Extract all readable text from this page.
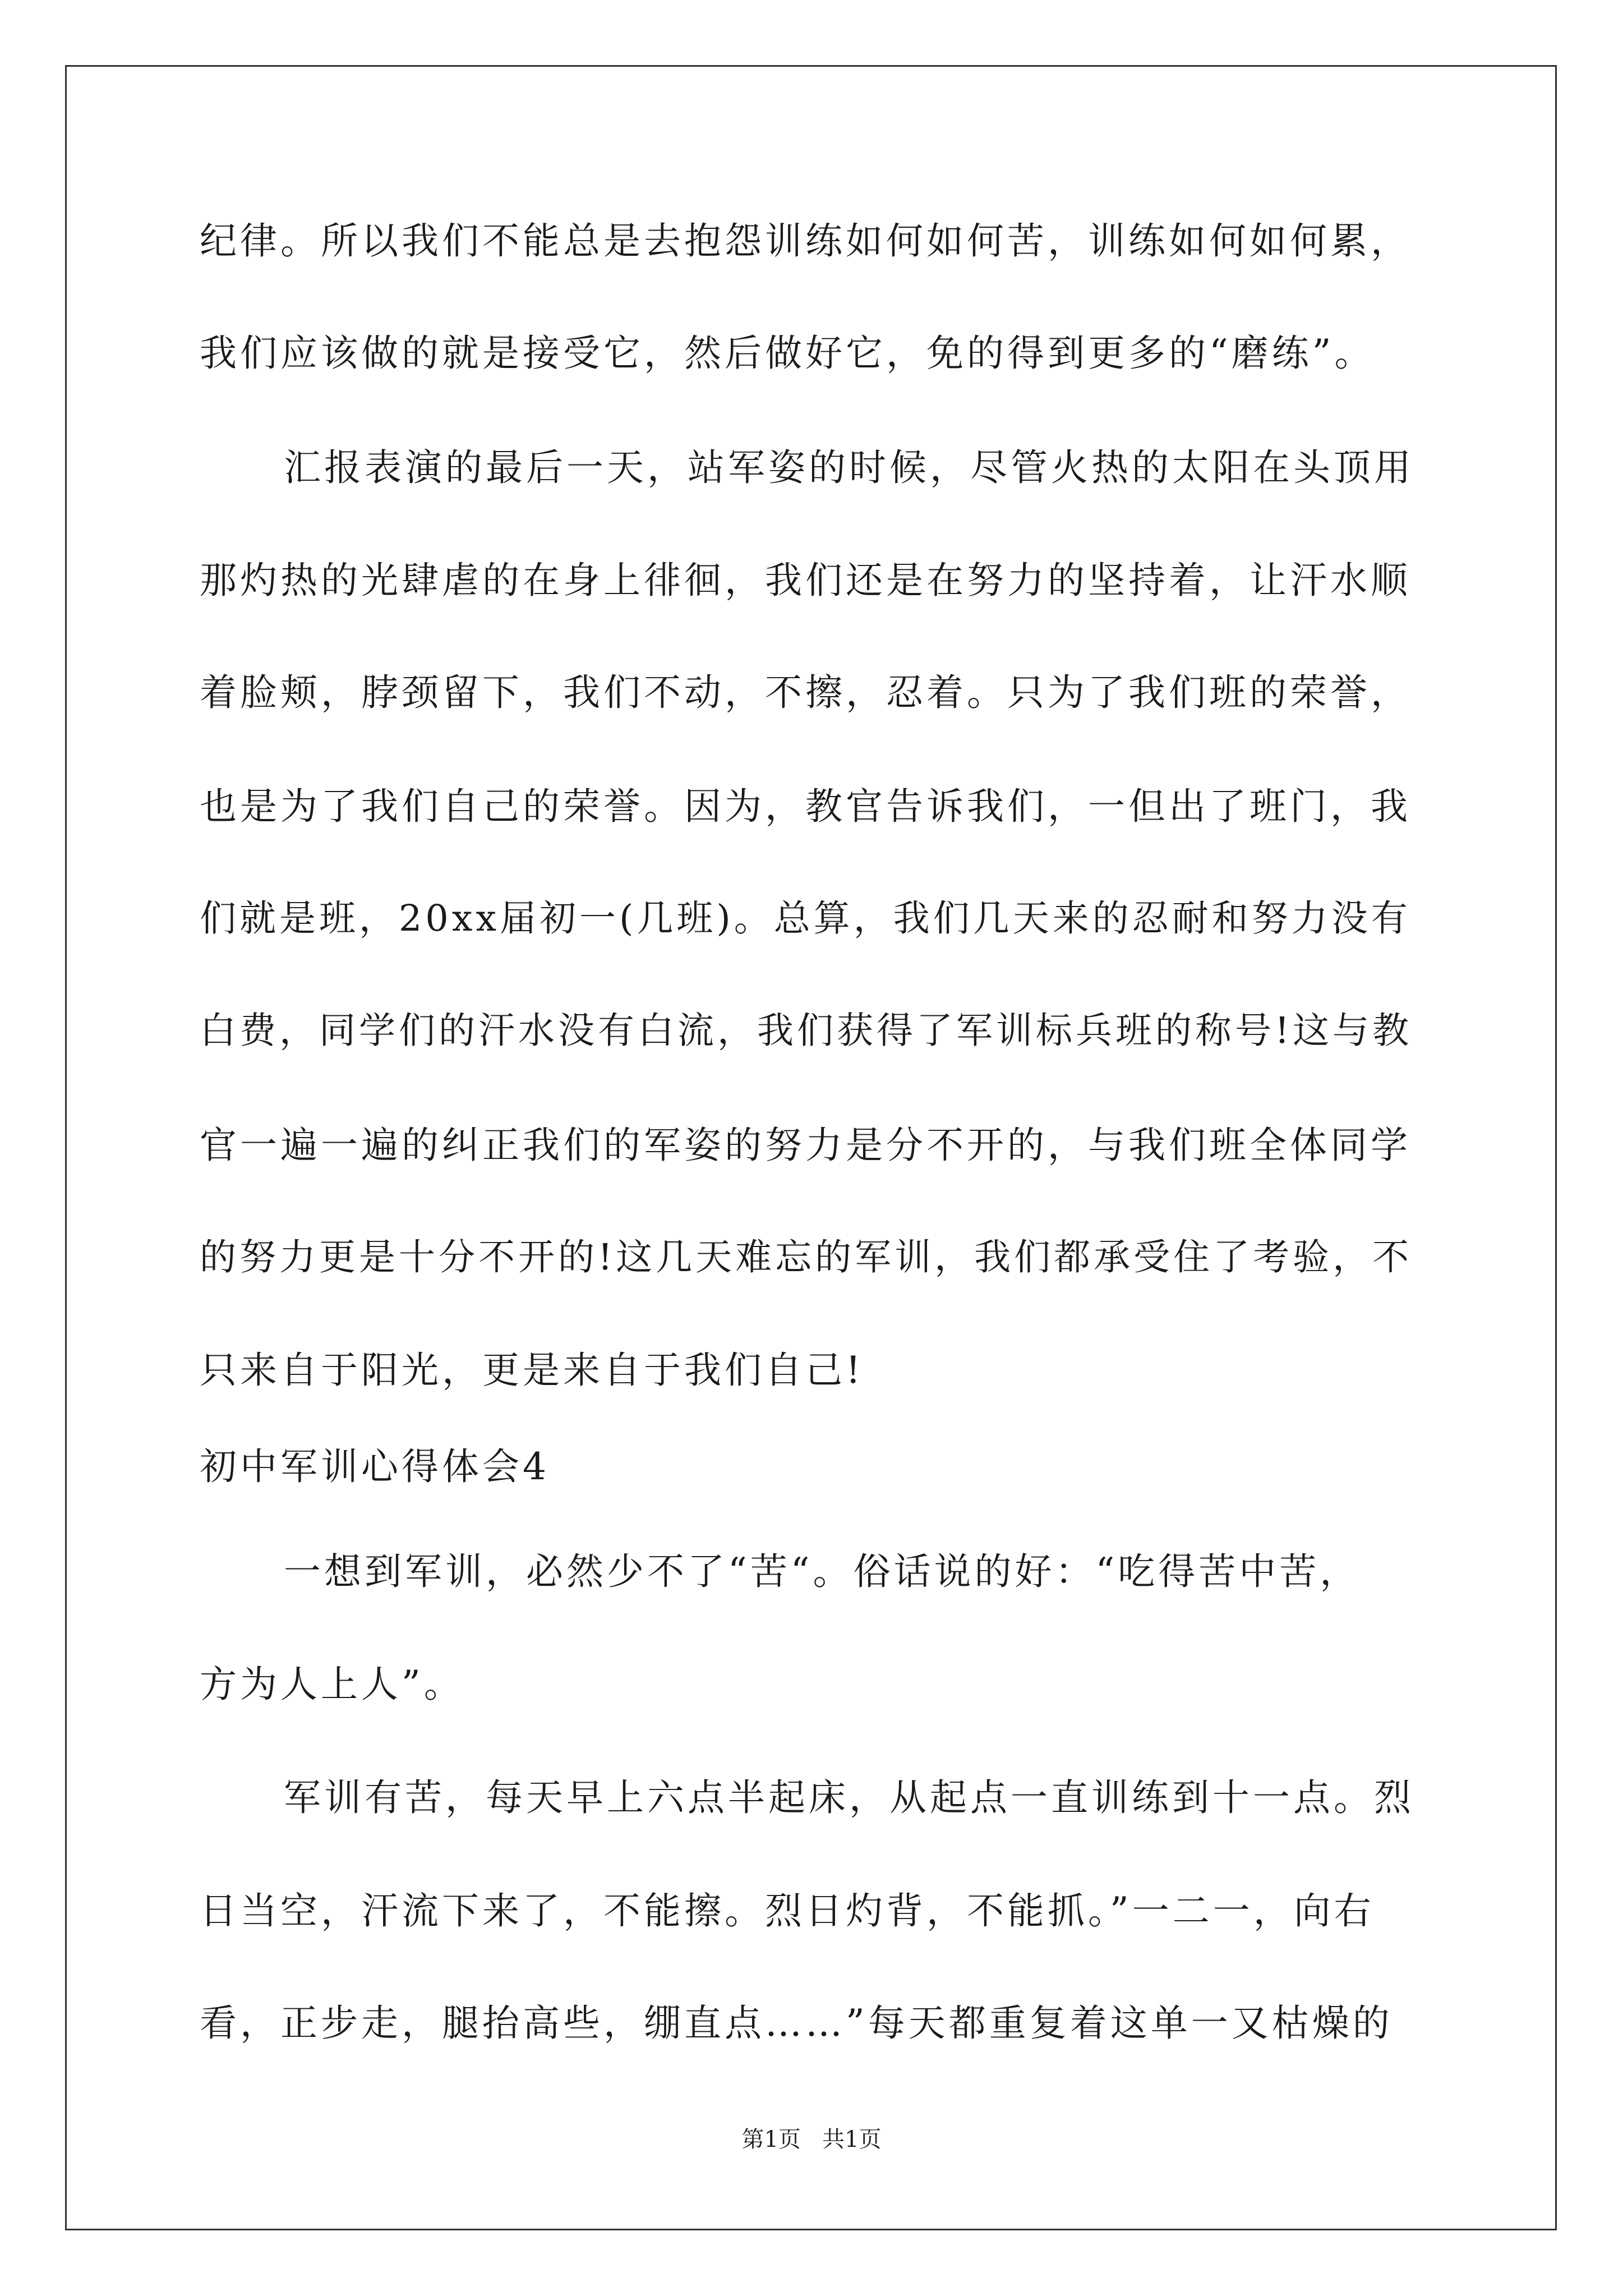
纪律。所以我们不能总是去抱怨训练如何如何苦，训练如何如何累，
我们应该做的就是接受它，然后做好它，免的得到更多的“磨练”。
汇报表演的最后一天，站军姿的时候，尽管火热的太阳在头顶用
那灼热的光肆虐的在身上徘徊，我们还是在努力的坚持着，让汗水顺
着脸颊，脖颈留下，我们不动，不擦，忍着。只为了我们班的荣誉，
也是为了我们自己的荣誉。因为，教官告诉我们，一但出了班门，我
们就是班，20xx届初一(几班)。总算，我们几天来的忍耐和努力没有
白费，同学们的汗水没有白流，我们获得了军训标兵班的称号!这与教
官一遍一遍的纠正我们的军姿的努力是分不开的，与我们班全体同学
的努力更是十分不开的!这几天难忘的军训，我们都承受住了考验，不
只来自于阳光，更是来自于我们自己!
初中军训心得体会4
一想到军训，必然少不了“苦“。俗话说的好：“吃得苦中苦，
方为人上人”。
军训有苦，每天早上六点半起床，从起点一直训练到十一点。烈
日当空，汗流下来了，不能擦。烈日灼背，不能抓。”一二一，向右
看，正步走，腿抬高些，绷直点……”每天都重复着这单一又枯燥的
第1页   共1页
